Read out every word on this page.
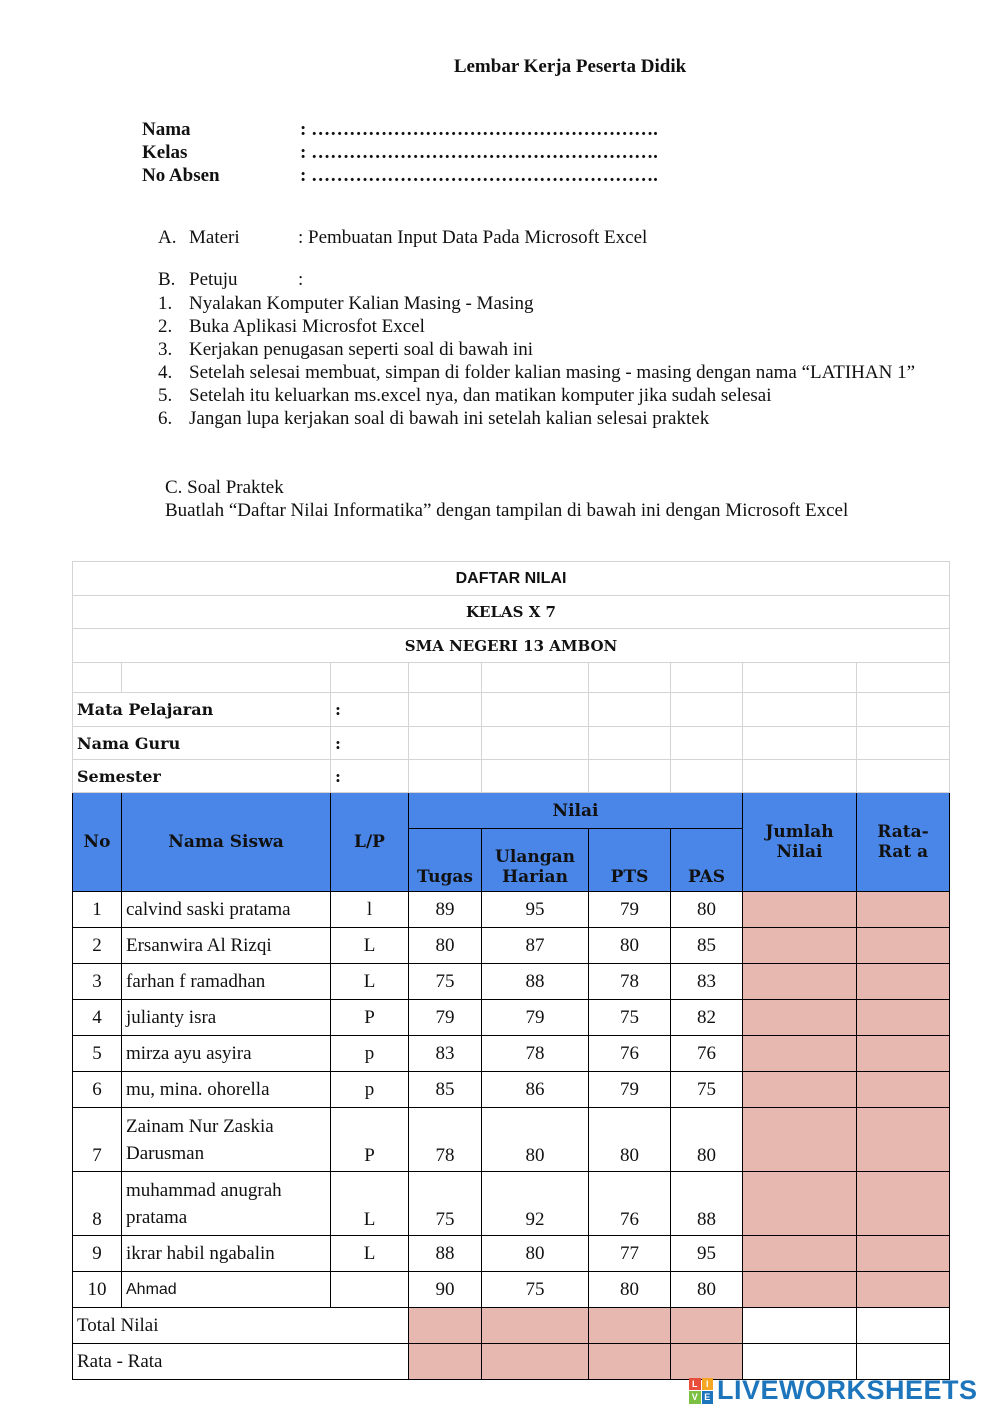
Lembar Kerja Peserta Didik
Nama	: ……………………………………………….
Kelas	: ……………………………………………….
No Absen	: ……………………………………………….
A. Materi	: Pembuatan Input Data Pada Microsoft Excel
B. Petuju	:
1. Nyalakan Komputer Kalian Masing - Masing
2. Buka Aplikasi Microsfot Excel
3. Kerjakan penugasan seperti soal di bawah ini
4. Setelah selesai membuat, simpan di folder kalian masing - masing dengan nama “LATIHAN 1”
5. Setelah itu keluarkan ms.excel nya, dan matikan komputer jika sudah selesai
6. Jangan lupa kerjakan soal di bawah ini setelah kalian selesai praktek
C. Soal Praktek
Buatlah “Daftar Nilai Informatika” dengan tampilan di bawah ini dengan Microsoft Excel
DAFTAR NILAI								
KELAS X 7								
SMA NEGERI 13 AMBON								

Mata Pelajaran		:						
Nama Guru		:						
Semester		:						
No	Nama Siswa	L/P	Nilai				Jumlah Nilai	Rata-Rat a
			Tugas	Ulangan Harian	PTS	PAS		
1	calvind saski pratama	l	89	95	79	80		
2	Ersanwira Al Rizqi	L	80	87	80	85		
3	farhan f ramadhan	L	75	88	78	83		
4	julianty isra	P	79	79	75	82		
5	mirza ayu asyira	p	83	78	76	76		
6	mu, mina. ohorella	p	85	86	79	75		
7	Zainam Nur Zaskia Darusman	P	78	80	80	80		
8	muhammad anugrah pratama	L	75	92	76	88		
9	ikrar habil ngabalin	L	88	80	77	95		
10	Ahmad		90	75	80	80		
Total Nilai								
Rata - Rata								
L I
V E LIVEWORKSHEETS
